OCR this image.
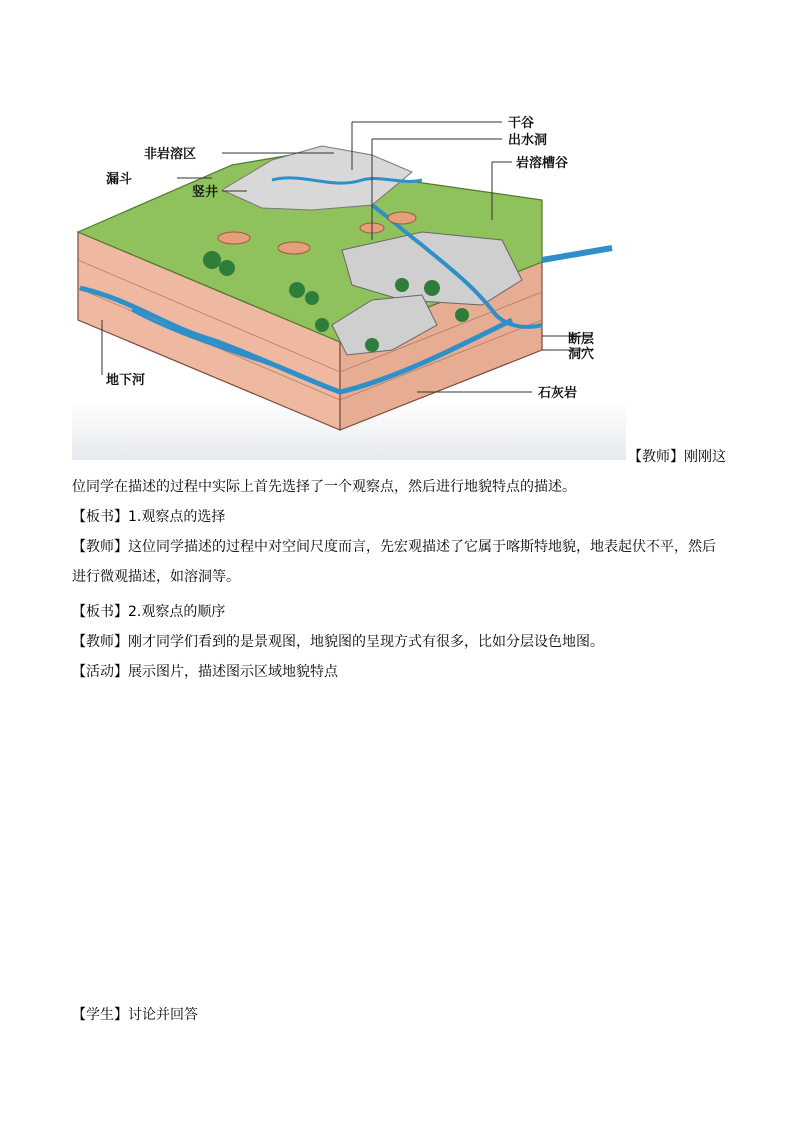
非岩溶区
漏斗
竖井
干谷
出水洞
岩溶槽谷
断层
洞穴
地下河
石灰岩
【教师】刚刚这
位同学在描述的过程中实际上首先选择了一个观察点，然后进行地貌特点的描述。
【板书】1.观察点的选择
【教师】这位同学描述的过程中对空间尺度而言，先宏观描述了它属于喀斯特地貌，地表起伏不平，然后
进行微观描述，如溶洞等。
【板书】2.观察点的顺序
【教师】刚才同学们看到的是景观图，地貌图的呈现方式有很多，比如分层设色地图。
【活动】展示图片，描述图示区域地貌特点
【学生】讨论并回答
